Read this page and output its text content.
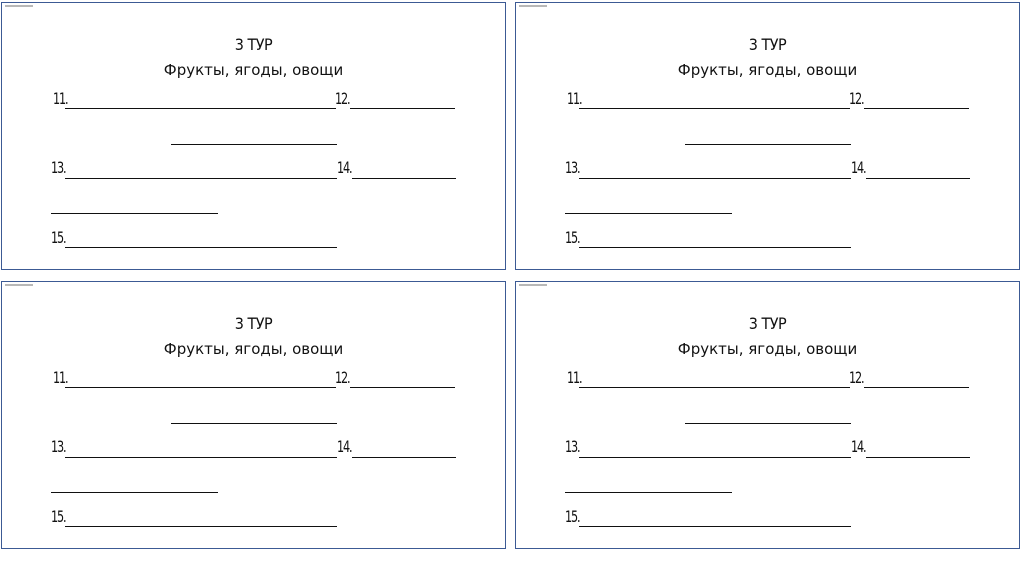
3 ТУР
Фрукты, ягоды, овощи
11.	12.
13.	14.
15.
3 ТУР
Фрукты, ягоды, овощи
11.	12.
13.	14.
15.
3 ТУР
Фрукты, ягоды, овощи
11.	12.
13.	14.
15.
3 ТУР
Фрукты, ягоды, овощи
11.	12.
13.	14.
15.
